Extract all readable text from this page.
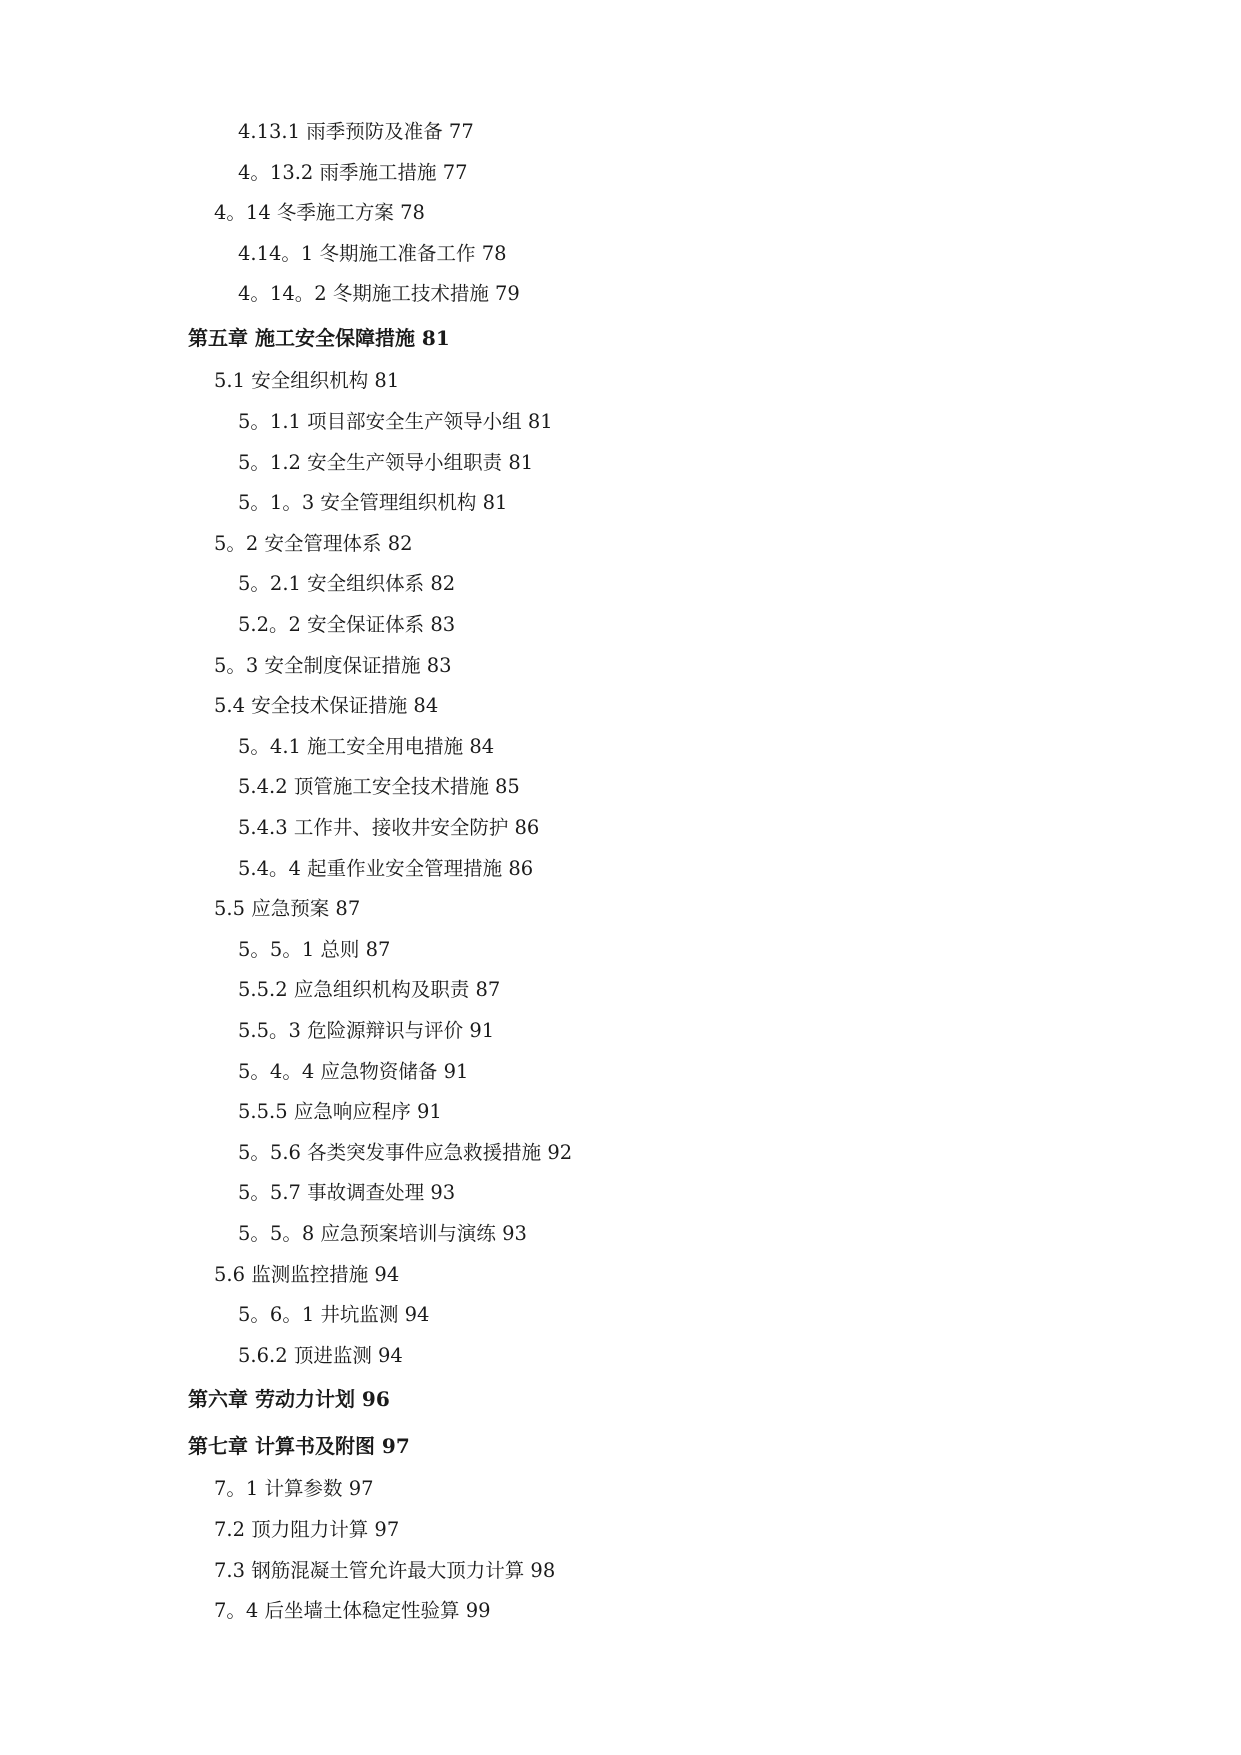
4.13.1 雨季预防及准备 77
4。13.2 雨季施工措施 77
4。14 冬季施工方案 78
4.14。1 冬期施工准备工作 78
4。14。2 冬期施工技术措施 79
第五章 施工安全保障措施 81
5.1 安全组织机构 81
5。1.1 项目部安全生产领导小组 81
5。1.2 安全生产领导小组职责 81
5。1。3 安全管理组织机构 81
5。2 安全管理体系 82
5。2.1 安全组织体系 82
5.2。2 安全保证体系 83
5。3 安全制度保证措施 83
5.4 安全技术保证措施 84
5。4.1 施工安全用电措施 84
5.4.2 顶管施工安全技术措施 85
5.4.3 工作井、接收井安全防护 86
5.4。4 起重作业安全管理措施 86
5.5 应急预案 87
5。5。1 总则 87
5.5.2 应急组织机构及职责 87
5.5。3 危险源辩识与评价 91
5。4。4 应急物资储备 91
5.5.5 应急响应程序 91
5。5.6 各类突发事件应急救援措施 92
5。5.7 事故调查处理 93
5。5。8 应急预案培训与演练 93
5.6 监测监控措施 94
5。6。1 井坑监测 94
5.6.2 顶进监测 94
第六章 劳动力计划 96
第七章 计算书及附图 97
7。1 计算参数 97
7.2 顶力阻力计算 97
7.3 钢筋混凝土管允许最大顶力计算 98
7。4 后坐墙土体稳定性验算 99
